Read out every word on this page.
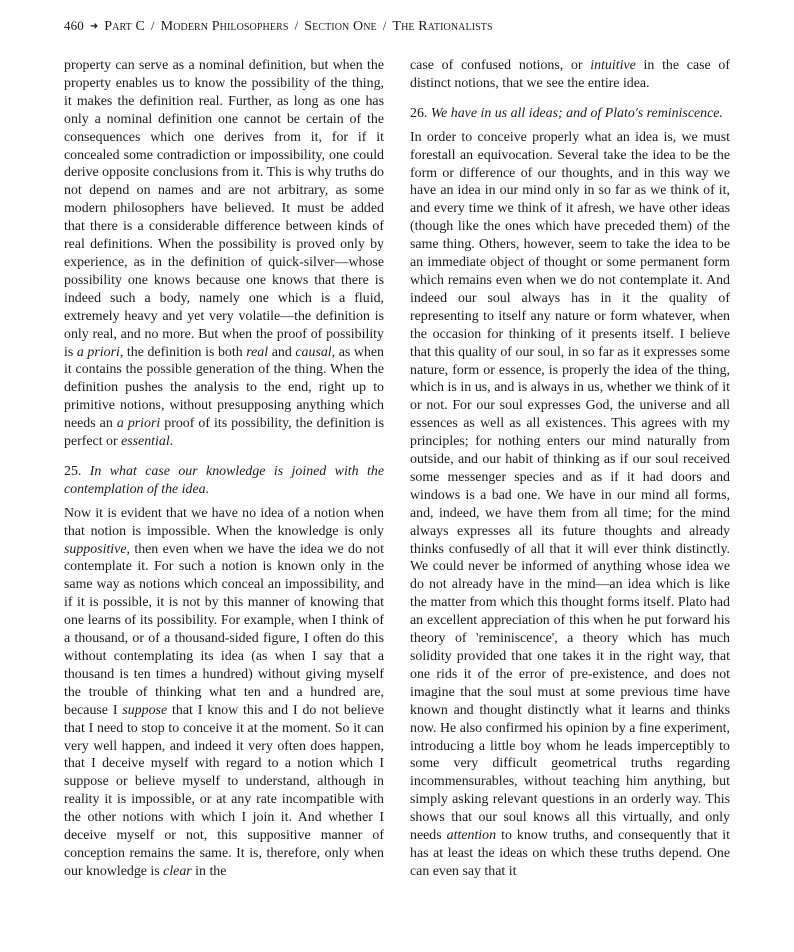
460 ➜ Part C / Modern Philosophers / Section One / The Rationalists

property can serve as a nominal definition, but when the property enables us to know the possibility of the thing, it makes the definition real. Further, as long as one has only a nominal definition one cannot be certain of the consequences which one derives from it, for if it concealed some contradiction or impossibility, one could derive opposite conclusions from it. This is why truths do not depend on names and are not arbitrary, as some modern philosophers have believed. It must be added that there is a considerable difference between kinds of real definitions. When the possibility is proved only by experience, as in the definition of quick-silver—whose possibility one knows because one knows that there is indeed such a body, namely one which is a fluid, extremely heavy and yet very volatile—the definition is only real, and no more. But when the proof of possibility is a priori, the definition is both real and causal, as when it contains the possible generation of the thing. When the definition pushes the analysis to the end, right up to primitive notions, without presupposing anything which needs an a priori proof of its possibility, the definition is perfect or essential.

25. In what case our knowledge is joined with the contemplation of the idea.

Now it is evident that we have no idea of a notion when that notion is impossible. When the knowledge is only suppositive, then even when we have the idea we do not contemplate it. For such a notion is known only in the same way as notions which conceal an impossibility, and if it is possible, it is not by this manner of knowing that one learns of its possibility. For example, when I think of a thousand, or of a thousand-sided figure, I often do this without contemplating its idea (as when I say that a thousand is ten times a hundred) without giving myself the trouble of thinking what ten and a hundred are, because I suppose that I know this and I do not believe that I need to stop to conceive it at the moment. So it can very well happen, and indeed it very often does happen, that I deceive myself with regard to a notion which I suppose or believe myself to understand, although in reality it is impossible, or at any rate incompatible with the other notions with which I join it. And whether I deceive myself or not, this suppositive manner of conception remains the same. It is, therefore, only when our knowledge is clear in the

case of confused notions, or intuitive in the case of distinct notions, that we see the entire idea.

26. We have in us all ideas; and of Plato's reminiscence.

In order to conceive properly what an idea is, we must forestall an equivocation. Several take the idea to be the form or difference of our thoughts, and in this way we have an idea in our mind only in so far as we think of it, and every time we think of it afresh, we have other ideas (though like the ones which have preceded them) of the same thing. Others, however, seem to take the idea to be an immediate object of thought or some permanent form which remains even when we do not contemplate it. And indeed our soul always has in it the quality of representing to itself any nature or form whatever, when the occasion for thinking of it presents itself. I believe that this quality of our soul, in so far as it expresses some nature, form or essence, is properly the idea of the thing, which is in us, and is always in us, whether we think of it or not. For our soul expresses God, the universe and all essences as well as all existences. This agrees with my principles; for nothing enters our mind naturally from outside, and our habit of thinking as if our soul received some messenger species and as if it had doors and windows is a bad one. We have in our mind all forms, and, indeed, we have them from all time; for the mind always expresses all its future thoughts and already thinks confusedly of all that it will ever think distinctly. We could never be informed of anything whose idea we do not already have in the mind—an idea which is like the matter from which this thought forms itself. Plato had an excellent appreciation of this when he put forward his theory of 'reminiscence', a theory which has much solidity provided that one takes it in the right way, that one rids it of the error of pre-existence, and does not imagine that the soul must at some previous time have known and thought distinctly what it learns and thinks now. He also confirmed his opinion by a fine experiment, introducing a little boy whom he leads imperceptibly to some very difficult geometrical truths regarding incommensurables, without teaching him anything, but simply asking relevant questions in an orderly way. This shows that our soul knows all this virtually, and only needs attention to know truths, and consequently that it has at least the ideas on which these truths depend. One can even say that it
